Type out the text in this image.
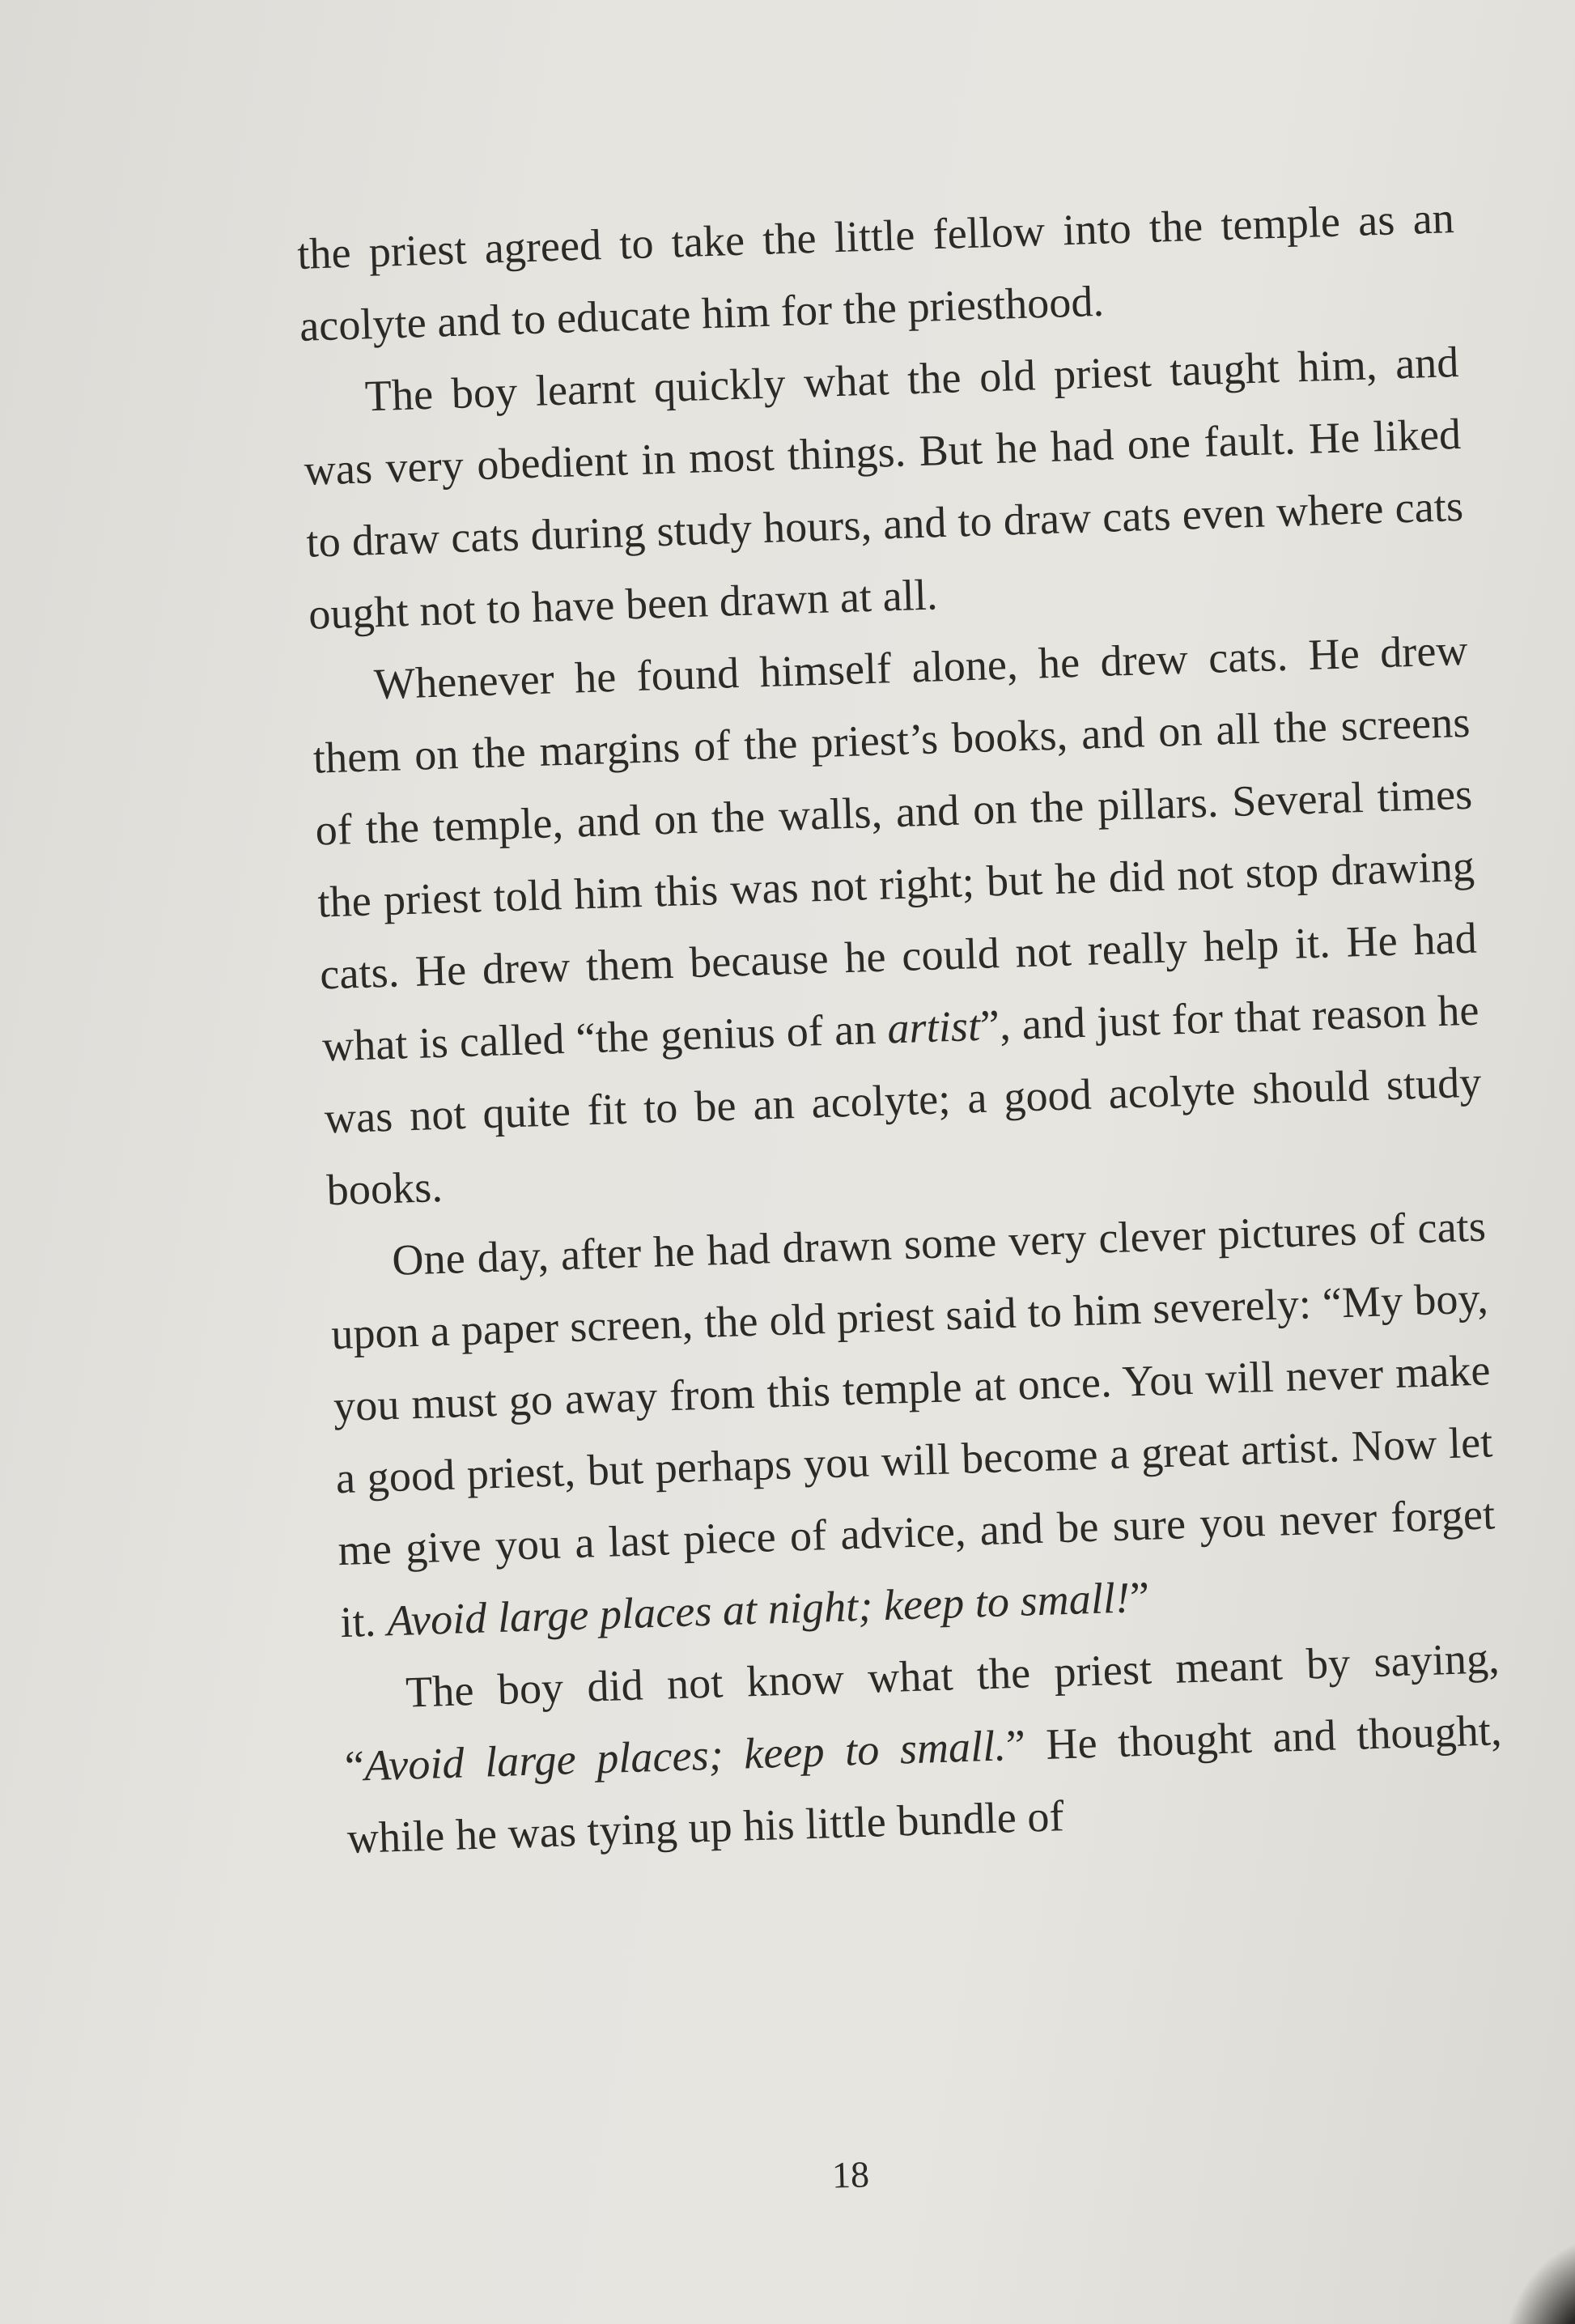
the priest agreed to take the little fellow into the temple as an acolyte and to educate him for the priesthood.

The boy learnt quickly what the old priest taught him, and was very obedient in most things. But he had one fault. He liked to draw cats during study hours, and to draw cats even where cats ought not to have been drawn at all.

Whenever he found himself alone, he drew cats. He drew them on the margins of the priest’s books, and on all the screens of the temple, and on the walls, and on the pillars. Several times the priest told him this was not right; but he did not stop drawing cats. He drew them because he could not really help it. He had what is called “the genius of an artist”, and just for that reason he was not quite fit to be an acolyte; a good acolyte should study books.

One day, after he had drawn some very clever pictures of cats upon a paper screen, the old priest said to him severely: “My boy, you must go away from this temple at once. You will never make a good priest, but perhaps you will become a great artist. Now let me give you a last piece of advice, and be sure you never forget it. Avoid large places at night; keep to small!”

The boy did not know what the priest meant by saying, “Avoid large places; keep to small.” He thought and thought, while he was tying up his little bundle of

18
